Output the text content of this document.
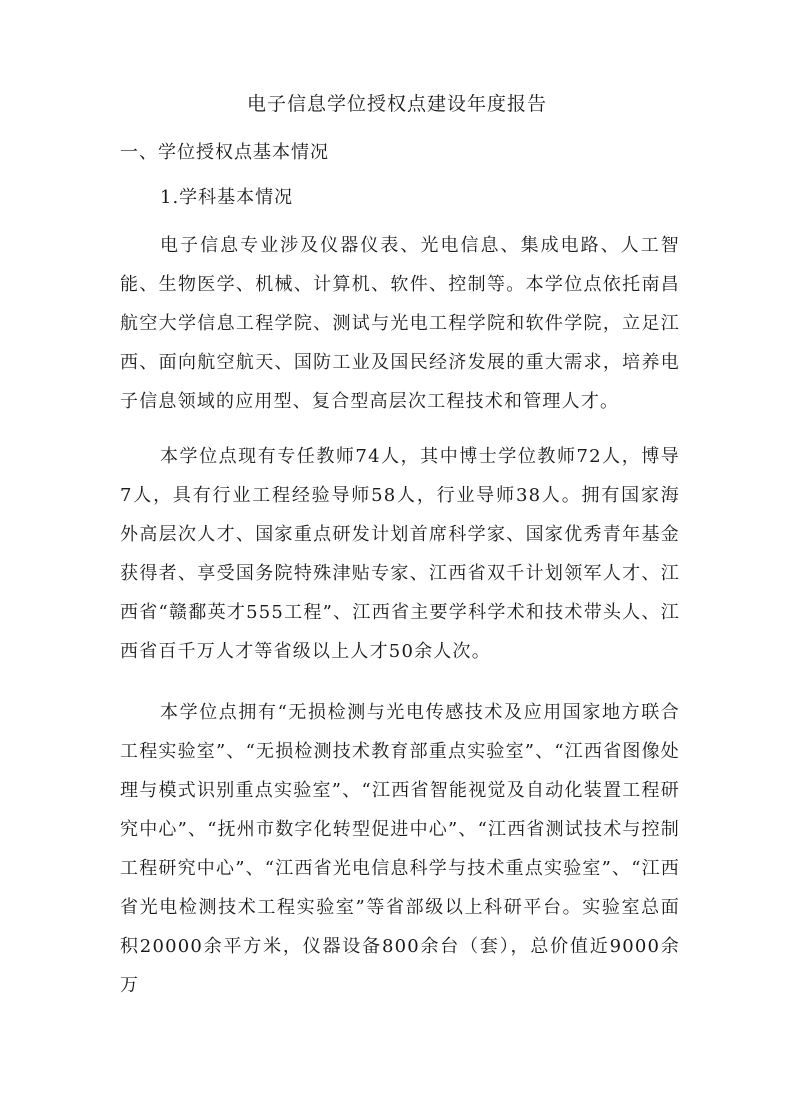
电子信息学位授权点建设年度报告
一、学位授权点基本情况
1.学科基本情况

电子信息专业涉及仪器仪表、光电信息、集成电路、人工智能、生物医学、机械、计算机、软件、控制等。本学位点依托南昌航空大学信息工程学院、测试与光电工程学院和软件学院，立足江西、面向航空航天、国防工业及国民经济发展的重大需求，培养电子信息领域的应用型、复合型高层次工程技术和管理人才。

本学位点现有专任教师74人，其中博士学位教师72人，博导7人，具有行业工程经验导师58人，行业导师38人。拥有国家海外高层次人才、国家重点研发计划首席科学家、国家优秀青年基金获得者、享受国务院特殊津贴专家、江西省双千计划领军人才、江西省“赣鄱英才555工程”、江西省主要学科学术和技术带头人、江西省百千万人才等省级以上人才50余人次。

本学位点拥有“无损检测与光电传感技术及应用国家地方联合工程实验室”、“无损检测技术教育部重点实验室”、“江西省图像处理与模式识别重点实验室”、“江西省智能视觉及自动化装置工程研究中心”、“抚州市数字化转型促进中心”、“江西省测试技术与控制工程研究中心”、“江西省光电信息科学与技术重点实验室”、“江西省光电检测技术工程实验室”等省部级以上科研平台。实验室总面积20000余平方米，仪器设备800余台（套），总价值近9000余万
